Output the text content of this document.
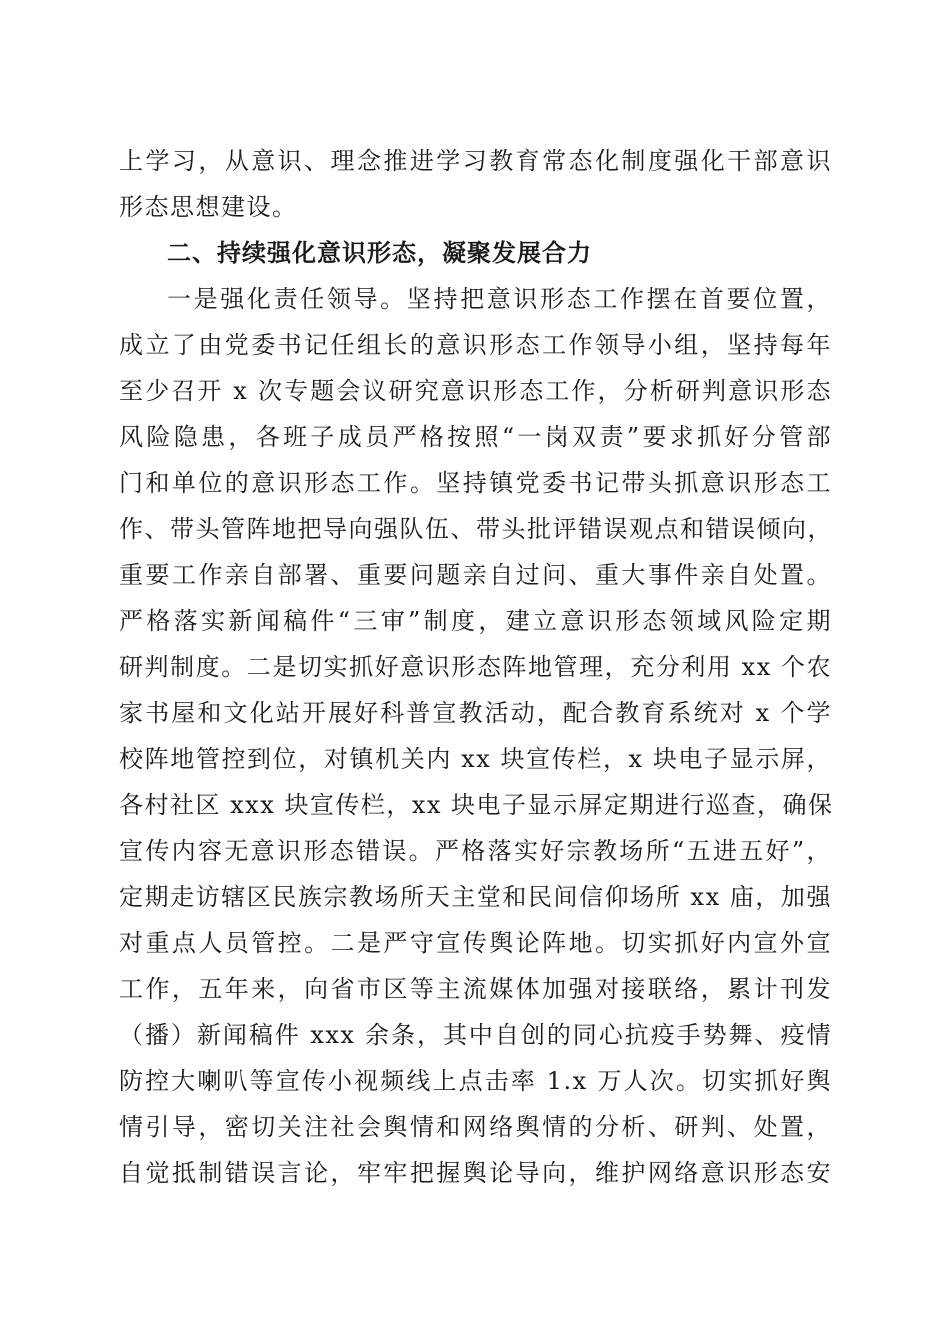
上学习，从意识、理念推进学习教育常态化制度强化干部意识
形态思想建设。
二、持续强化意识形态，凝聚发展合力
一是强化责任领导。坚持把意识形态工作摆在首要位置，
成立了由党委书记任组长的意识形态工作领导小组，坚持每年
至少召开 x 次专题会议研究意识形态工作，分析研判意识形态
风险隐患，各班子成员严格按照“一岗双责”要求抓好分管部
门和单位的意识形态工作。坚持镇党委书记带头抓意识形态工
作、带头管阵地把导向强队伍、带头批评错误观点和错误倾向，
重要工作亲自部署、重要问题亲自过问、重大事件亲自处置。
严格落实新闻稿件“三审”制度，建立意识形态领域风险定期
研判制度。二是切实抓好意识形态阵地管理，充分利用 xx 个农
家书屋和文化站开展好科普宣教活动，配合教育系统对 x 个学
校阵地管控到位，对镇机关内 xx 块宣传栏，x 块电子显示屏，
各村社区 xxx 块宣传栏，xx 块电子显示屏定期进行巡查，确保
宣传内容无意识形态错误。严格落实好宗教场所“五进五好”，
定期走访辖区民族宗教场所天主堂和民间信仰场所 xx 庙，加强
对重点人员管控。二是严守宣传舆论阵地。切实抓好内宣外宣
工作，五年来，向省市区等主流媒体加强对接联络，累计刊发
（播）新闻稿件 xxx 余条，其中自创的同心抗疫手势舞、疫情
防控大喇叭等宣传小视频线上点击率 1.x 万人次。切实抓好舆
情引导，密切关注社会舆情和网络舆情的分析、研判、处置，
自觉抵制错误言论，牢牢把握舆论导向，维护网络意识形态安
